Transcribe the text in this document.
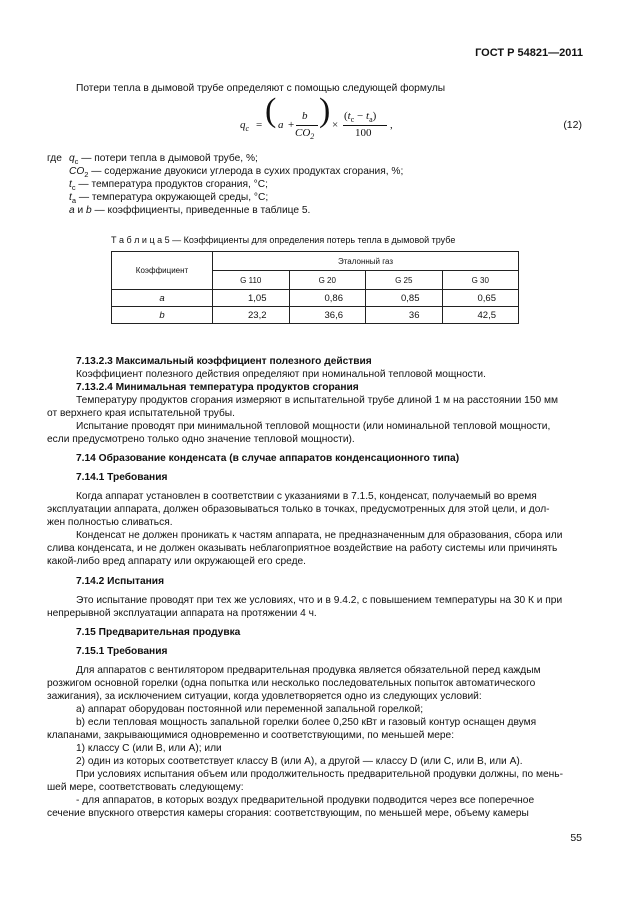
ГОСТ Р 54821—2011
Потери тепла в дымовой трубе определяют с помощью следующей формулы
$q_c$ = ( a +
b
$CO_2$
) ×
$(t_c - t_a)$
100
,	(12)
где $q_c$ — потери тепла в дымовой трубе, %;
$CO_2$ — содержание двуокиси углерода в сухих продуктах сгорания, %;
$t_c$ — температура продуктов сгорания, °С;
$t_a$ — температура окружающей среды, °С;
a и b — коэффициенты, приведенные в таблице 5.
Т а б л и ц а 5 — Коэффициенты для определения потерь тепла в дымовой трубе
Коэффициент	Эталонный газ			
	G 110	G 20	G 25	G 30
a	1,05	0,86	0,85	0,65
b	23,2	36,6	36	42,5
7.13.2.3 Максимальный коэффициент полезного действия
Коэффициент полезного действия определяют при номинальной тепловой мощности.
7.13.2.4 Минимальная температура продуктов сгорания
Температуру продуктов сгорания измеряют в испытательной трубе длиной 1 м на расстоянии 150 мм
от верхнего края испытательной трубы.
Испытание проводят при минимальной тепловой мощности (или номинальной тепловой мощности,
если предусмотрено только одно значение тепловой мощности).
7.14 Образование конденсата (в случае аппаратов конденсационного типа)
7.14.1 Требования
Когда аппарат установлен в соответствии с указаниями в 7.1.5, конденсат, получаемый во время
эксплуатации аппарата, должен образовываться только в точках, предусмотренных для этой цели, и дол-
жен полностью сливаться.
Конденсат не должен проникать к частям аппарата, не предназначенным для образования, сбора или
слива конденсата, и не должен оказывать неблагоприятное воздействие на работу системы или причинять
какой-либо вред аппарату или окружающей его среде.
7.14.2 Испытания
Это испытание проводят при тех же условиях, что и в 9.4.2, с повышением температуры на 30 К и при
непрерывной эксплуатации аппарата на протяжении 4 ч.
7.15 Предварительная продувка
7.15.1 Требования
Для аппаратов с вентилятором предварительная продувка является обязательной перед каждым
розжигом основной горелки (одна попытка или несколько последовательных попыток автоматического
зажигания), за исключением ситуации, когда удовлетворяется одно из следующих условий:
а) аппарат оборудован постоянной или переменной запальной горелкой;
b) если тепловая мощность запальной горелки более 0,250 кВт и газовый контур оснащен двумя
клапанами, закрывающимися одновременно и соответствующими, по меньшей мере:
1) классу С (или В, или А); или
2) один из которых соответствует классу В (или А), а другой — классу D (или С, или В, или А).
При условиях испытания объем или продолжительность предварительной продувки должны, по мень-
шей мере, соответствовать следующему:
- для аппаратов, в которых воздух предварительной продувки подводится через все поперечное
сечение впускного отверстия камеры сгорания: соответствующим, по меньшей мере, объему камеры
55
